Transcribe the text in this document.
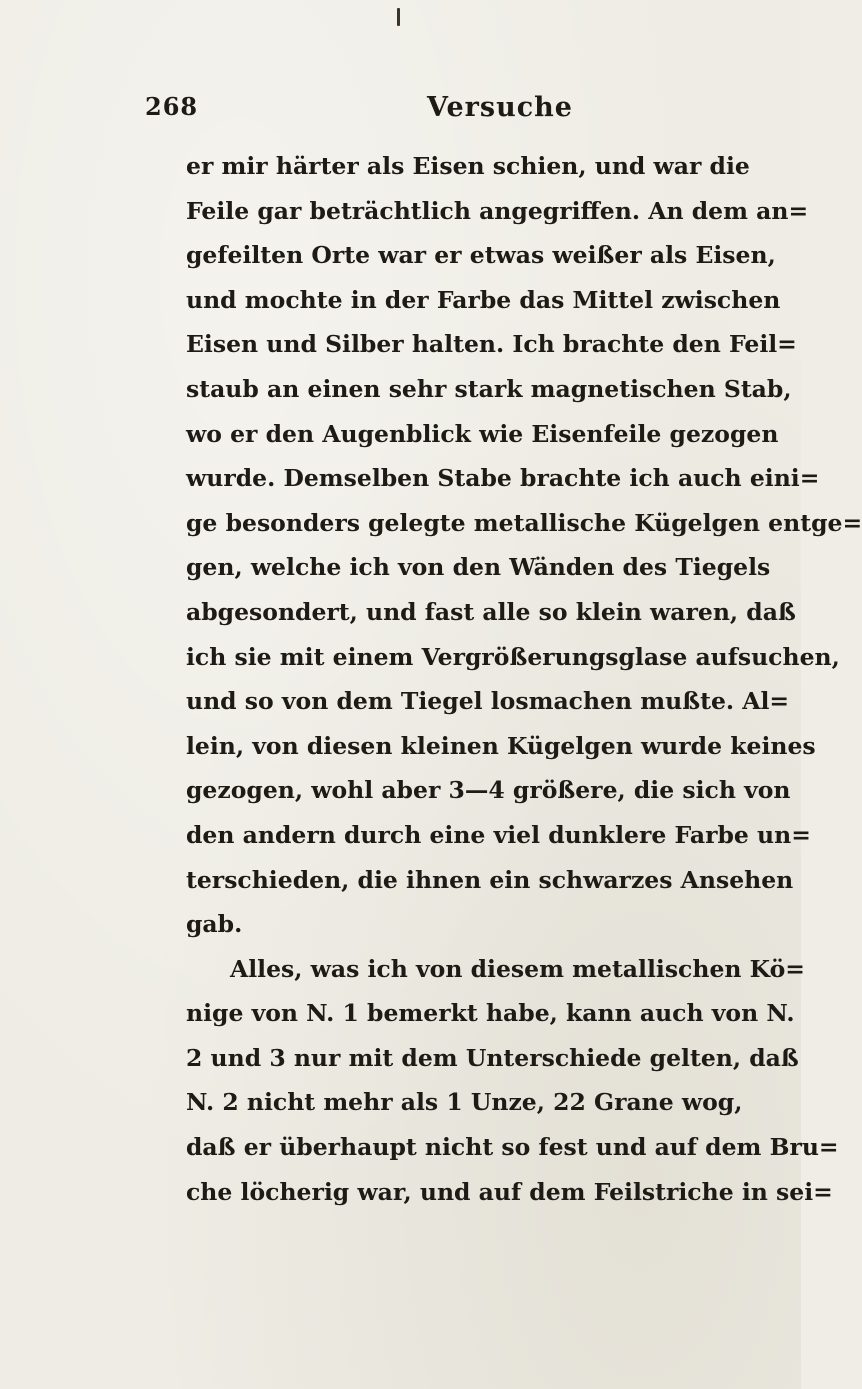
268	Versuche
er mir härter als Eisen schien, und war die
Feile gar beträchtlich angegriffen. An dem an=
gefeilten Orte war er etwas weißer als Eisen,
und mochte in der Farbe das Mittel zwischen
Eisen und Silber halten. Ich brachte den Feil=
staub an einen sehr stark magnetischen Stab,
wo er den Augenblick wie Eisenfeile gezogen
wurde. Demselben Stabe brachte ich auch eini=
ge besonders gelegte metallische Kügelgen entge=
gen, welche ich von den Wänden des Tiegels
abgesondert, und fast alle so klein waren, daß
ich sie mit einem Vergrößerungsglase aufsuchen,
und so von dem Tiegel losmachen mußte. Al=
lein, von diesen kleinen Kügelgen wurde keines
gezogen, wohl aber 3—4 größere, die sich von
den andern durch eine viel dunklere Farbe un=
terschieden, die ihnen ein schwarzes Ansehen
gab.
Alles, was ich von diesem metallischen Kö=
nige von N. 1 bemerkt habe, kann auch von N.
2 und 3 nur mit dem Unterschiede gelten, daß
N. 2 nicht mehr als 1 Unze, 22 Grane wog,
daß er überhaupt nicht so fest und auf dem Bru=
che löcherig war, und auf dem Feilstriche in sei=
